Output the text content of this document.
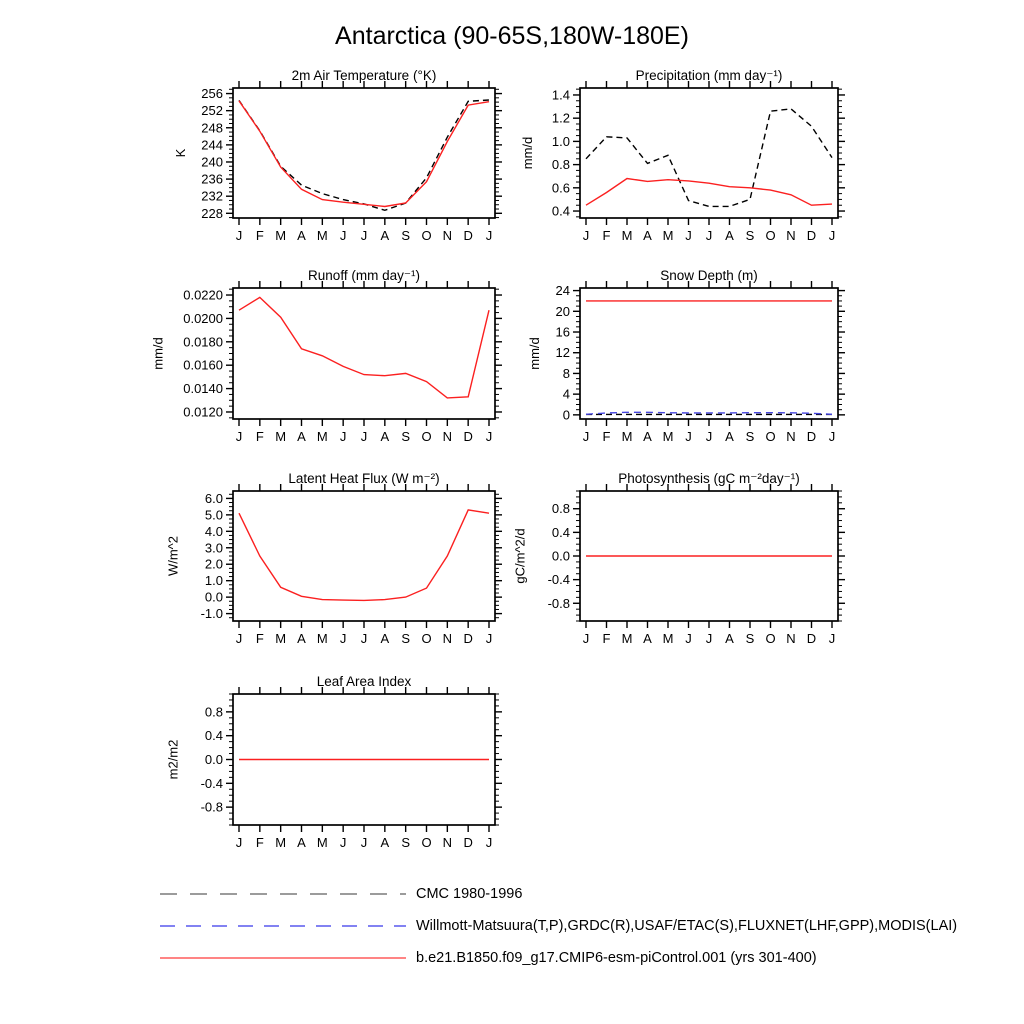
Antarctica (90-65S,180W-180E)
2m Air Temperature (°K)
K
256
252
248
244
240
236
232
228
J F M A M J J A S O N D J
Precipitation (mm day⁻¹)
mm/d
1.4
1.2
1.0
0.8
0.6
0.4
J F M A M J J A S O N D J
Runoff (mm day⁻¹)
mm/d
0.0220
0.0200
0.0180
0.0160
0.0140
0.0120
J F M A M J J A S O N D J
Snow Depth (m)
mm/d
24
20
16
12
8
4
0
J F M A M J J A S O N D J
Latent Heat Flux (W m⁻²)
W/m^2
6.0
5.0
4.0
3.0
2.0
1.0
0.0
-1.0
J F M A M J J A S O N D J
Photosynthesis (gC m⁻²day⁻¹)
gC/m^2/d
0.8
0.4
0.0
-0.4
-0.8
J F M A M J J A S O N D J
Leaf Area Index
m2/m2
0.8
0.4
0.0
-0.4
-0.8
J F M A M J J A S O N D J
CMC 1980-1996
Willmott-Matsuura(T,P),GRDC(R),USAF/ETAC(S),FLUXNET(LHF,GPP),MODIS(LAI)
b.e21.B1850.f09_g17.CMIP6-esm-piControl.001 (yrs 301-400)
